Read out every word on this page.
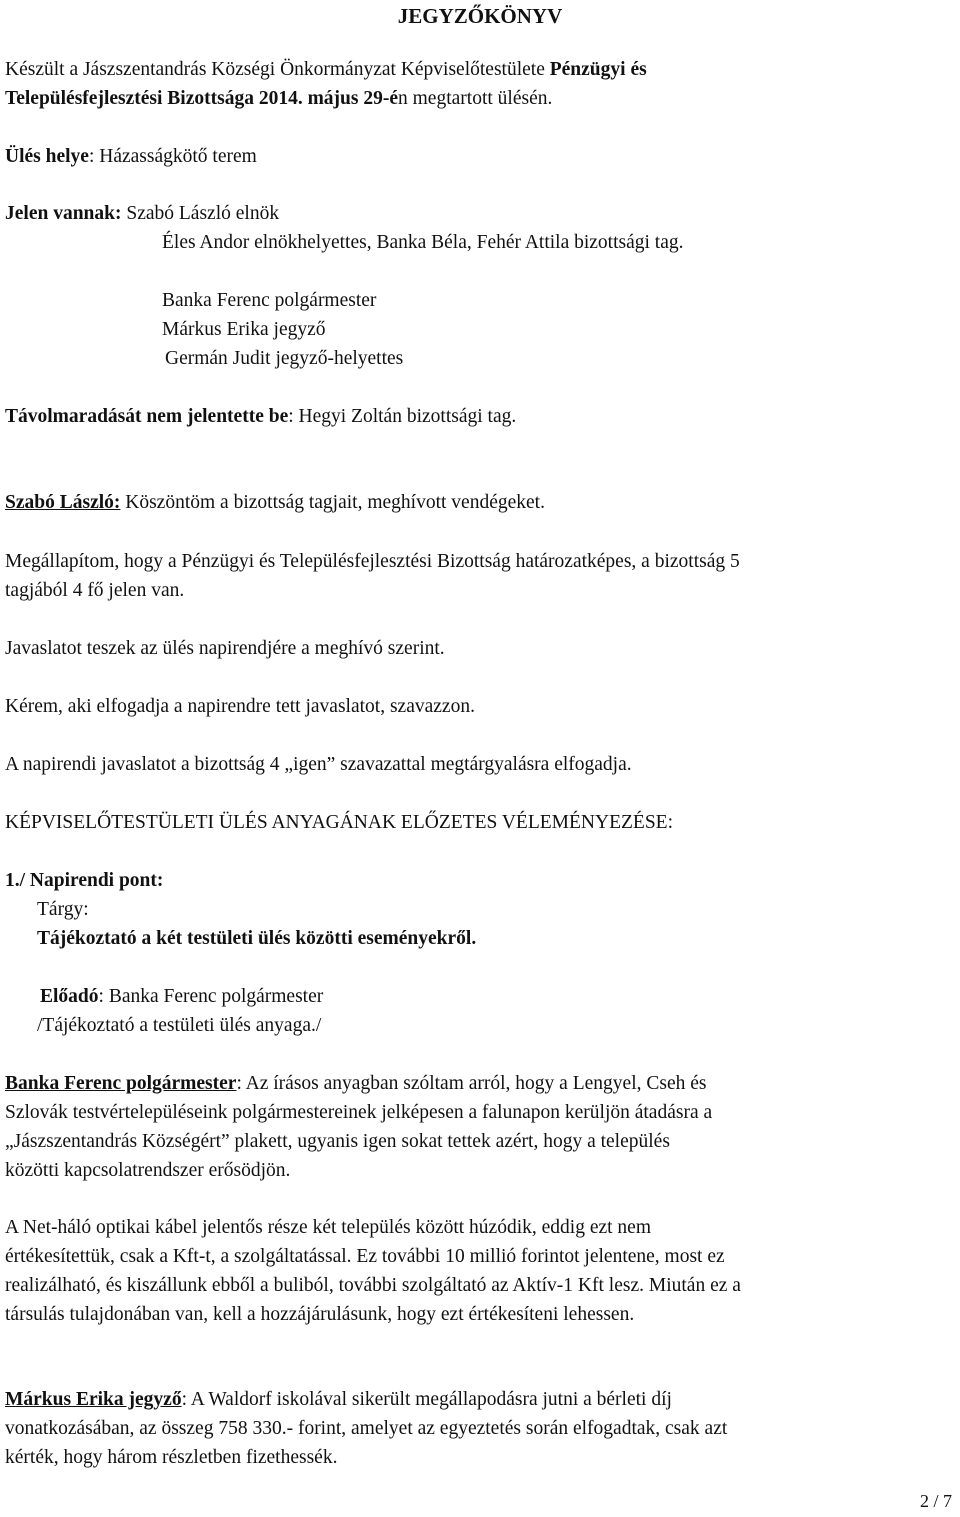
JEGYZŐKÖNYV
Készült a Jászszentandrás Községi Önkormányzat Képviselőtestülete Pénzügyi és
Településfejlesztési Bizottsága 2014. május 29-én megtartott ülésén.
Ülés helye: Házasságkötő terem
Jelen vannak: Szabó László elnök
Éles Andor elnökhelyettes, Banka Béla, Fehér Attila bizottsági tag.
Banka Ferenc polgármester
Márkus Erika jegyző
Germán Judit jegyző-helyettes
Távolmaradását nem jelentette be: Hegyi Zoltán bizottsági tag.
Szabó László: Köszöntöm a bizottság tagjait, meghívott vendégeket.
Megállapítom, hogy a Pénzügyi és Településfejlesztési Bizottság határozatképes, a bizottság 5
tagjából 4 fő jelen van.
Javaslatot teszek az ülés napirendjére a meghívó szerint.
Kérem, aki elfogadja a napirendre tett javaslatot, szavazzon.
A napirendi javaslatot a bizottság 4 „igen” szavazattal megtárgyalásra elfogadja.
KÉPVISELŐTESTÜLETI ÜLÉS ANYAGÁNAK ELŐZETES VÉLEMÉNYEZÉSE:
1./ Napirendi pont:
Tárgy:
Tájékoztató a két testületi ülés közötti eseményekről.
Előadó: Banka Ferenc polgármester
/Tájékoztató a testületi ülés anyaga./
Banka Ferenc polgármester: Az írásos anyagban szóltam arról, hogy a Lengyel, Cseh és
Szlovák testvértelepüléseink polgármestereinek jelképesen a falunapon kerüljön átadásra a
„Jászszentandrás Községért” plakett, ugyanis igen sokat tettek azért, hogy a település
közötti kapcsolatrendszer erősödjön.
A Net-háló optikai kábel jelentős része két település között húzódik, eddig ezt nem
értékesítettük, csak a Kft-t, a szolgáltatással. Ez további 10 millió forintot jelentene, most ez
realizálható, és kiszállunk ebből a buliból, további szolgáltató az Aktív-1 Kft lesz. Miután ez a
társulás tulajdonában van, kell a hozzájárulásunk, hogy ezt értékesíteni lehessen.
Márkus Erika jegyző: A Waldorf iskolával sikerült megállapodásra jutni a bérleti díj
vonatkozásában, az összeg 758 330.- forint, amelyet az egyeztetés során elfogadtak, csak azt
kérték, hogy három részletben fizethessék.
2 / 7
